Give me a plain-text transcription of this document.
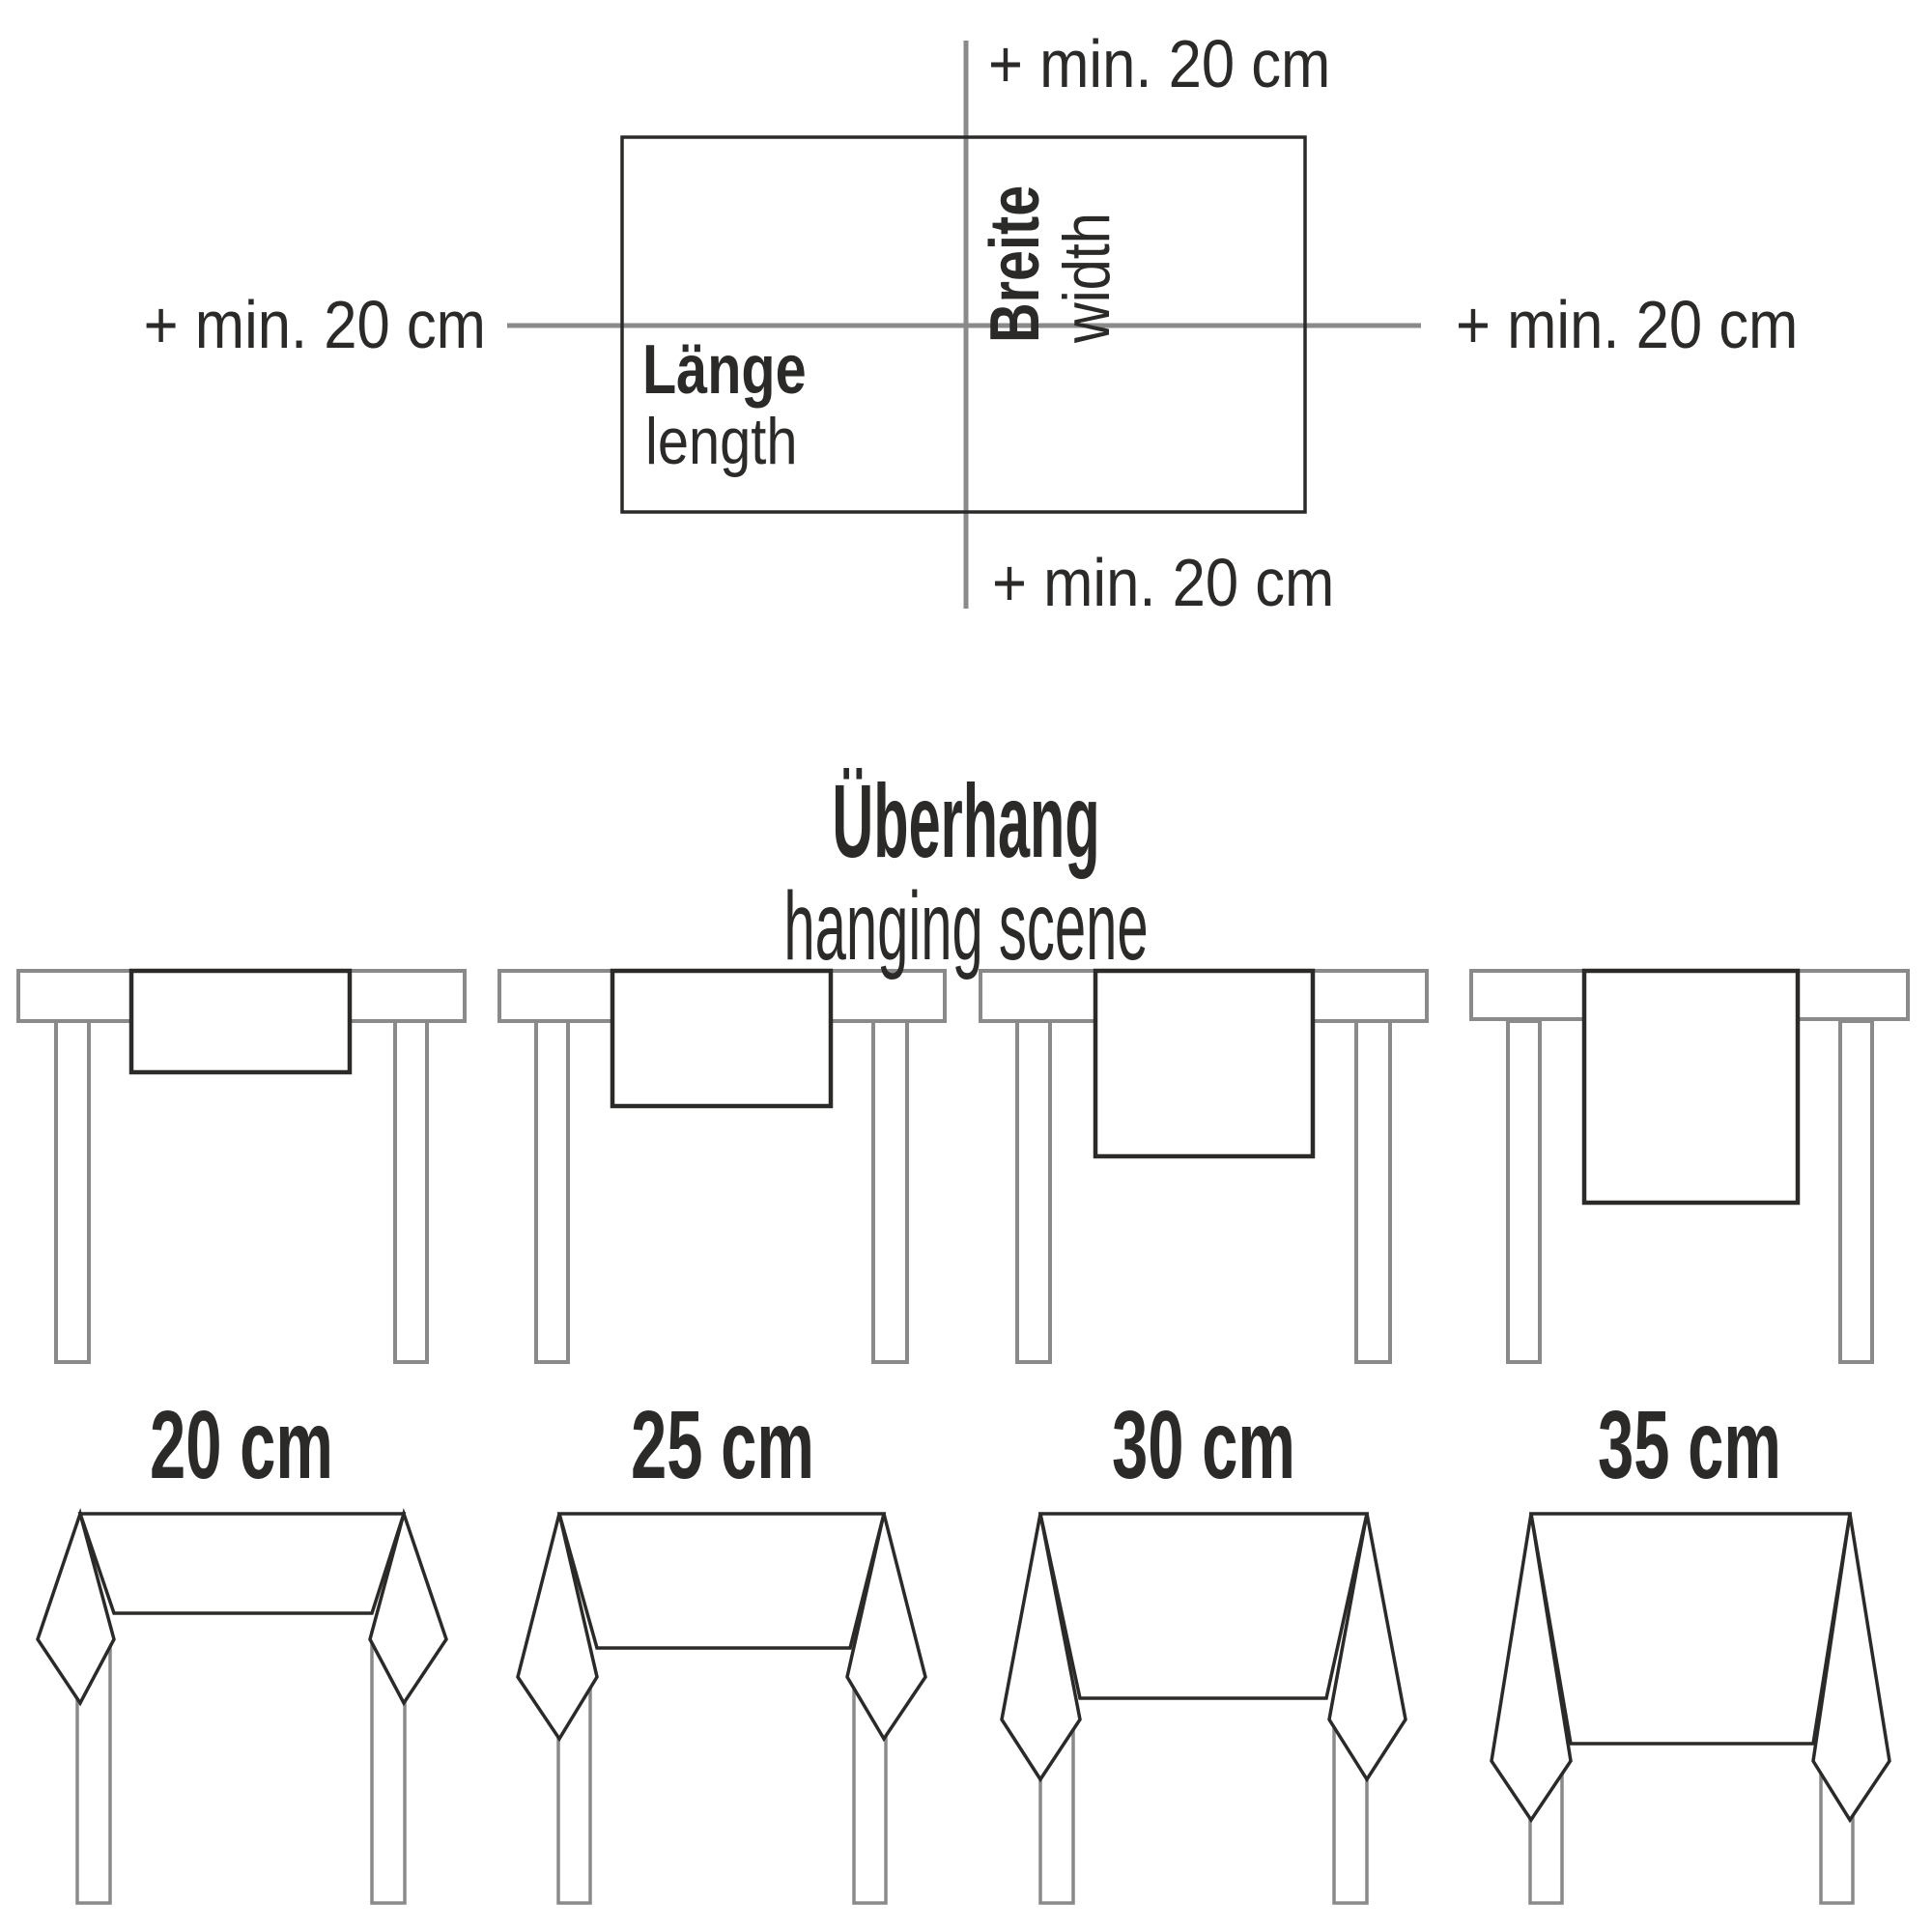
+ min. 20 cm
+ min. 20 cm	+ min. 20 cm
+ min. 20 cm
Länge
length
Breite
width
Überhang
hanging scene
20 cm	25 cm	30 cm	35 cm
